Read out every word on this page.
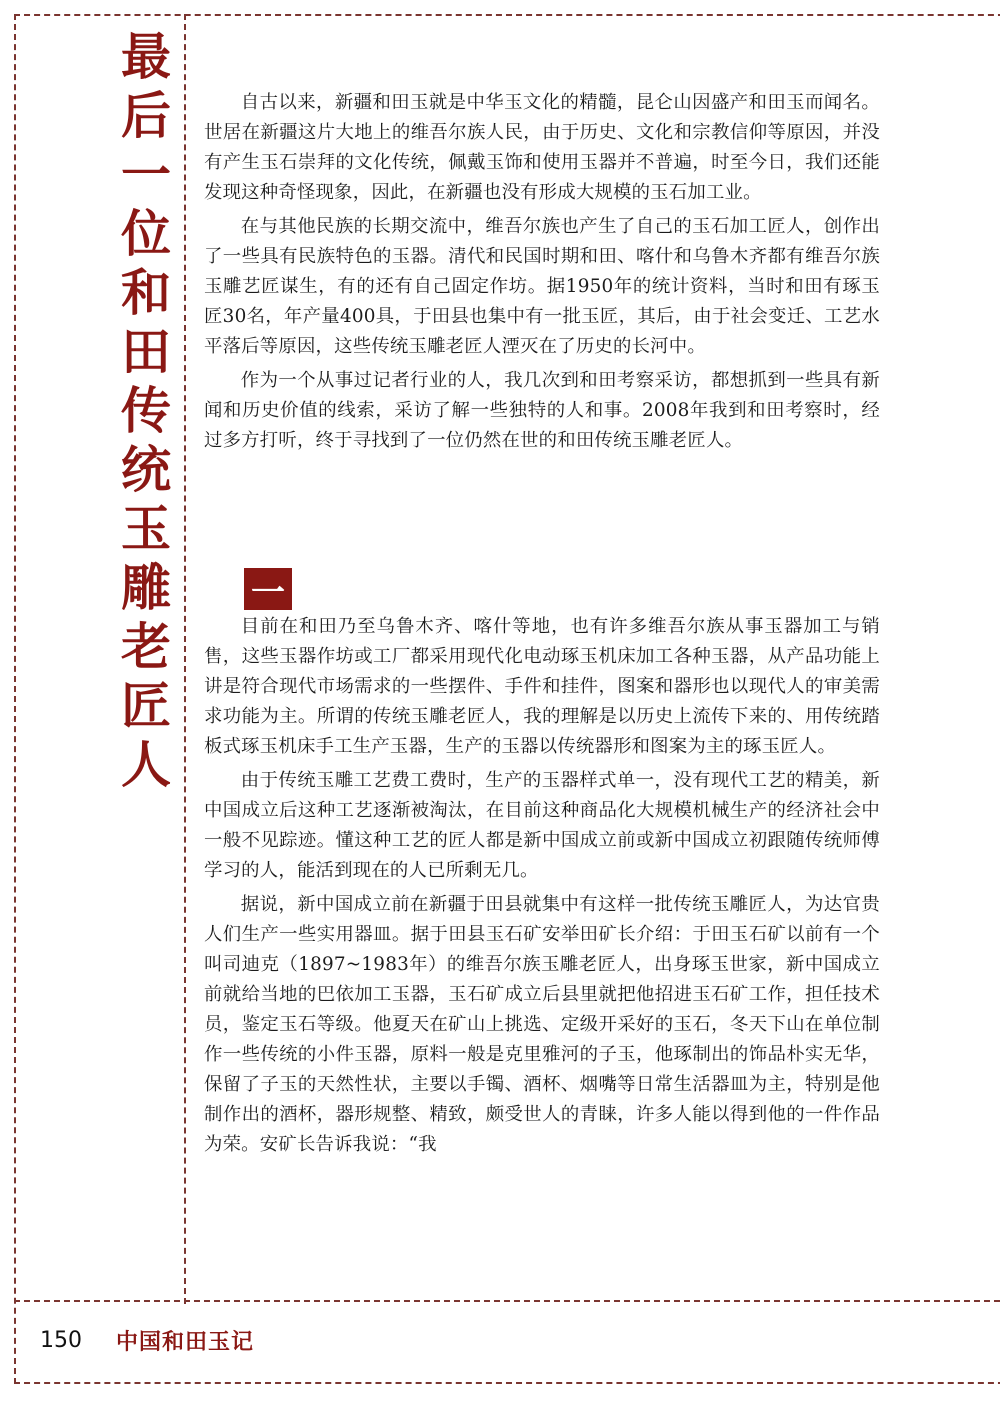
最
后
一
位
和
田
传
统
玉
雕
老
匠
人

自古以来，新疆和田玉就是中华玉文化的精髓，昆仑山因盛产和田玉而闻名。世居在新疆这片大地上的维吾尔族人民，由于历史、文化和宗教信仰等原因，并没有产生玉石崇拜的文化传统，佩戴玉饰和使用玉器并不普遍，时至今日，我们还能发现这种奇怪现象，因此，在新疆也没有形成大规模的玉石加工业。

在与其他民族的长期交流中，维吾尔族也产生了自己的玉石加工匠人，创作出了一些具有民族特色的玉器。清代和民国时期和田、喀什和乌鲁木齐都有维吾尔族玉雕艺匠谋生，有的还有自己固定作坊。据1950年的统计资料，当时和田有琢玉匠30名，年产量400具，于田县也集中有一批玉匠，其后，由于社会变迁、工艺水平落后等原因，这些传统玉雕老匠人湮灭在了历史的长河中。

作为一个从事过记者行业的人，我几次到和田考察采访，都想抓到一些具有新闻和历史价值的线索，采访了解一些独特的人和事。2008年我到和田考察时，经过多方打听，终于寻找到了一位仍然在世的和田传统玉雕老匠人。

一

目前在和田乃至乌鲁木齐、喀什等地，也有许多维吾尔族从事玉器加工与销售，这些玉器作坊或工厂都采用现代化电动琢玉机床加工各种玉器，从产品功能上讲是符合现代市场需求的一些摆件、手件和挂件，图案和器形也以现代人的审美需求功能为主。所谓的传统玉雕老匠人，我的理解是以历史上流传下来的、用传统踏板式琢玉机床手工生产玉器，生产的玉器以传统器形和图案为主的琢玉匠人。

由于传统玉雕工艺费工费时，生产的玉器样式单一，没有现代工艺的精美，新中国成立后这种工艺逐渐被淘汰，在目前这种商品化大规模机械生产的经济社会中一般不见踪迹。懂这种工艺的匠人都是新中国成立前或新中国成立初跟随传统师傅学习的人，能活到现在的人已所剩无几。

据说，新中国成立前在新疆于田县就集中有这样一批传统玉雕匠人，为达官贵人们生产一些实用器皿。据于田县玉石矿安举田矿长介绍：于田玉石矿以前有一个叫司迪克（1897~1983年）的维吾尔族玉雕老匠人，出身琢玉世家，新中国成立前就给当地的巴依加工玉器，玉石矿成立后县里就把他招进玉石矿工作，担任技术员，鉴定玉石等级。他夏天在矿山上挑选、定级开采好的玉石，冬天下山在单位制作一些传统的小件玉器，原料一般是克里雅河的子玉，他琢制出的饰品朴实无华，保留了子玉的天然性状，主要以手镯、酒杯、烟嘴等日常生活器皿为主，特别是他制作出的酒杯，器形规整、精致，颇受世人的青睐，许多人能以得到他的一件作品为荣。安矿长告诉我说：“我

150 中国和田玉记
